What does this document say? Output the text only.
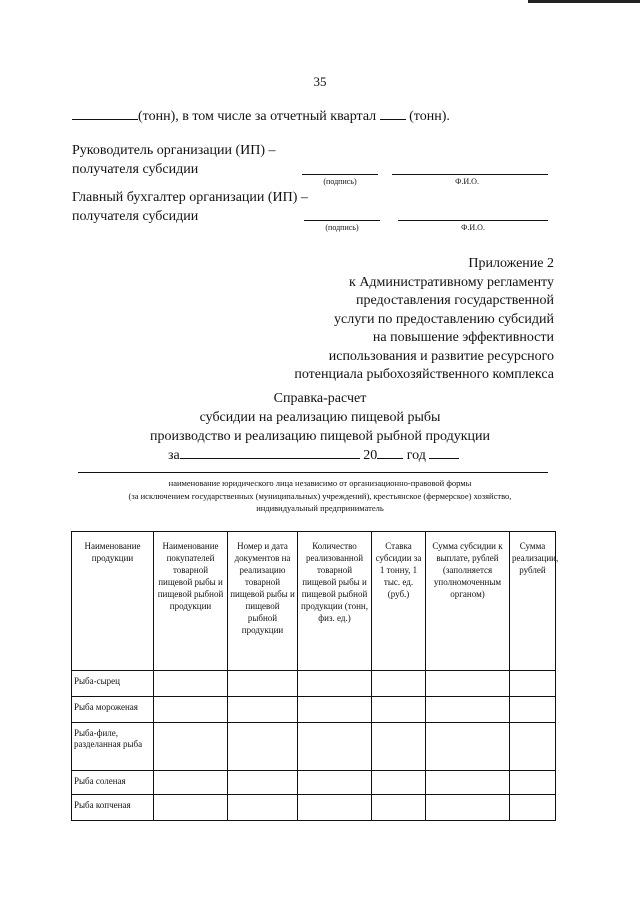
35
(тонн), в том числе за отчетный квартал (тонн).
Руководитель организации (ИП) –
получателя субсидии
(подпись)	Ф.И.О.
Главный бухгалтер организации (ИП) –
получателя субсидии
(подпись)	Ф.И.О.
Приложение 2
к Административному регламенту
предоставления государственной
услуги по предоставлению субсидий
на повышение эффективности
использования и развитие ресурсного
потенциала рыбохозяйственного комплекса
Справка-расчет
субсидии на реализацию пищевой рыбы
производство и реализацию пищевой рыбной продукции
за	20 год
наименование юридического лица независимо от организационно-правовой формы
(за исключением государственных (муниципальных) учреждений), крестьянское (фермерское) хозяйство,
индивидуальный предприниматель
Наименование продукции	Наименование покупателей товарной пищевой рыбы и пищевой рыбной продукции	Номер и дата документов на реализацию товарной пищевой рыбы и пищевой рыбной продукции	Количество реализованной товарной пищевой рыбы и пищевой рыбной продукции (тонн, физ. ед.)	Ставка субсидии за 1 тонну, 1 тыс. ед. (руб.)	Сумма субсидии к выплате, рублей (заполняется уполномоченным органом)	Сумма реализации, рублей
Рыба-сырец						
Рыба мороженая						
Рыба-филе, разделанная рыба						
Рыба соленая						
Рыба копченая						
